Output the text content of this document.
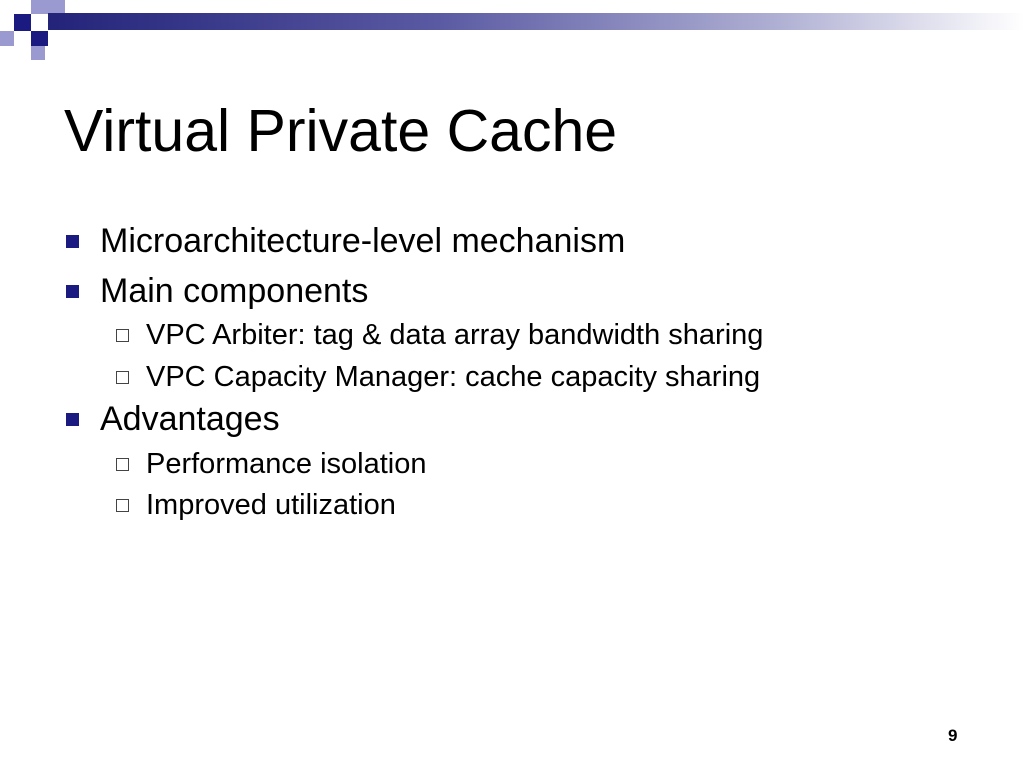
Virtual Private Cache
Microarchitecture-level mechanism
Main components
VPC Arbiter: tag & data array bandwidth sharing
VPC Capacity Manager: cache capacity sharing
Advantages
Performance isolation
Improved utilization
9
